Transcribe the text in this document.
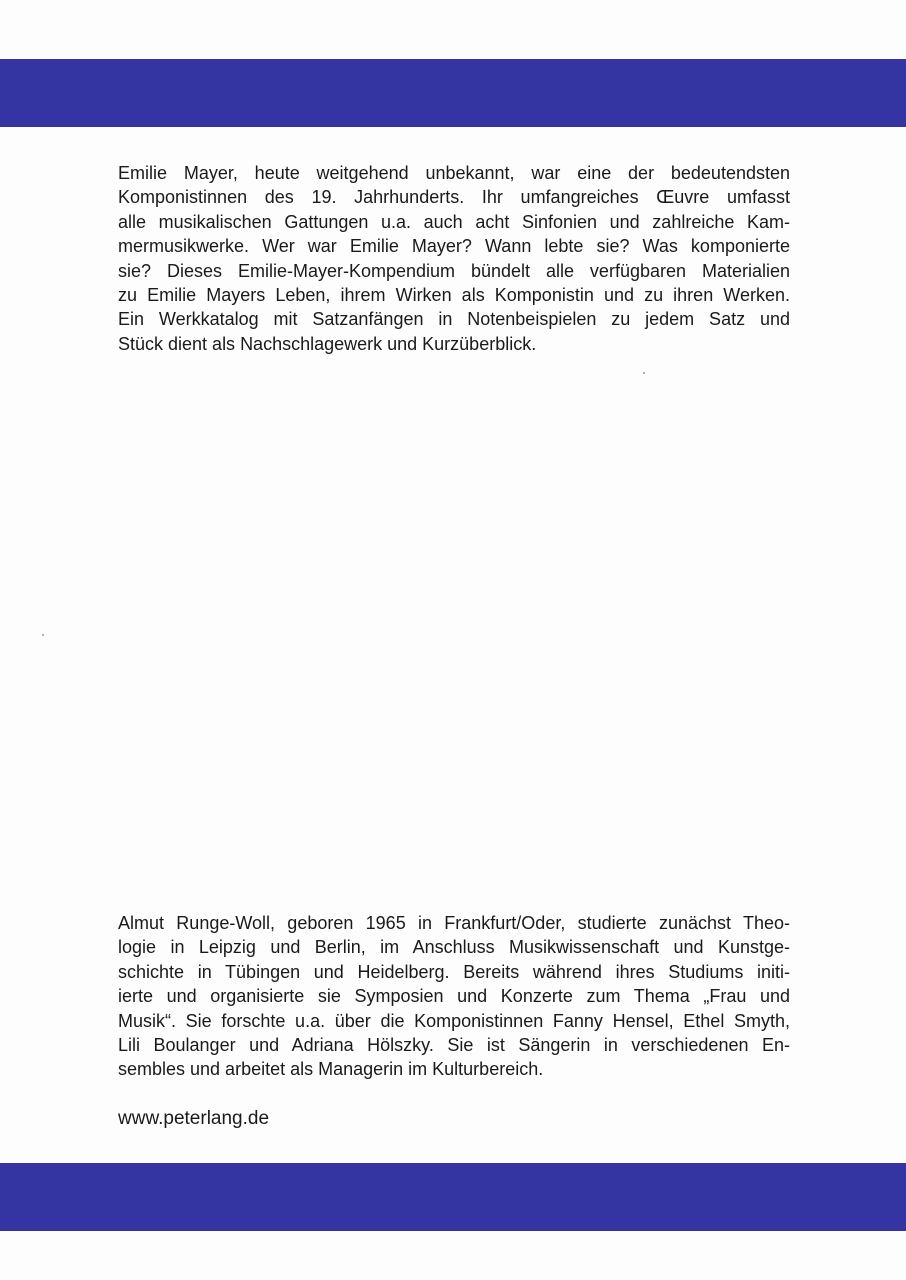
Emilie Mayer, heute weitgehend unbekannt, war eine der bedeutendsten
Komponistinnen des 19. Jahrhunderts. Ihr umfangreiches Œuvre umfasst
alle musikalischen Gattungen u.a. auch acht Sinfonien und zahlreiche Kam-
mermusikwerke. Wer war Emilie Mayer? Wann lebte sie? Was komponierte
sie? Dieses Emilie-Mayer-Kompendium bündelt alle verfügbaren Materialien
zu Emilie Mayers Leben, ihrem Wirken als Komponistin und zu ihren Werken.
Ein Werkkatalog mit Satzanfängen in Notenbeispielen zu jedem Satz und
Stück dient als Nachschlagewerk und Kurzüberblick.
Almut Runge-Woll, geboren 1965 in Frankfurt/Oder, studierte zunächst Theo-
logie in Leipzig und Berlin, im Anschluss Musikwissenschaft und Kunstge-
schichte in Tübingen und Heidelberg. Bereits während ihres Studiums initi-
ierte und organisierte sie Symposien und Konzerte zum Thema „Frau und
Musik“. Sie forschte u.a. über die Komponistinnen Fanny Hensel, Ethel Smyth,
Lili Boulanger und Adriana Hölszky. Sie ist Sängerin in verschiedenen En-
sembles und arbeitet als Managerin im Kulturbereich.
www.peterlang.de
